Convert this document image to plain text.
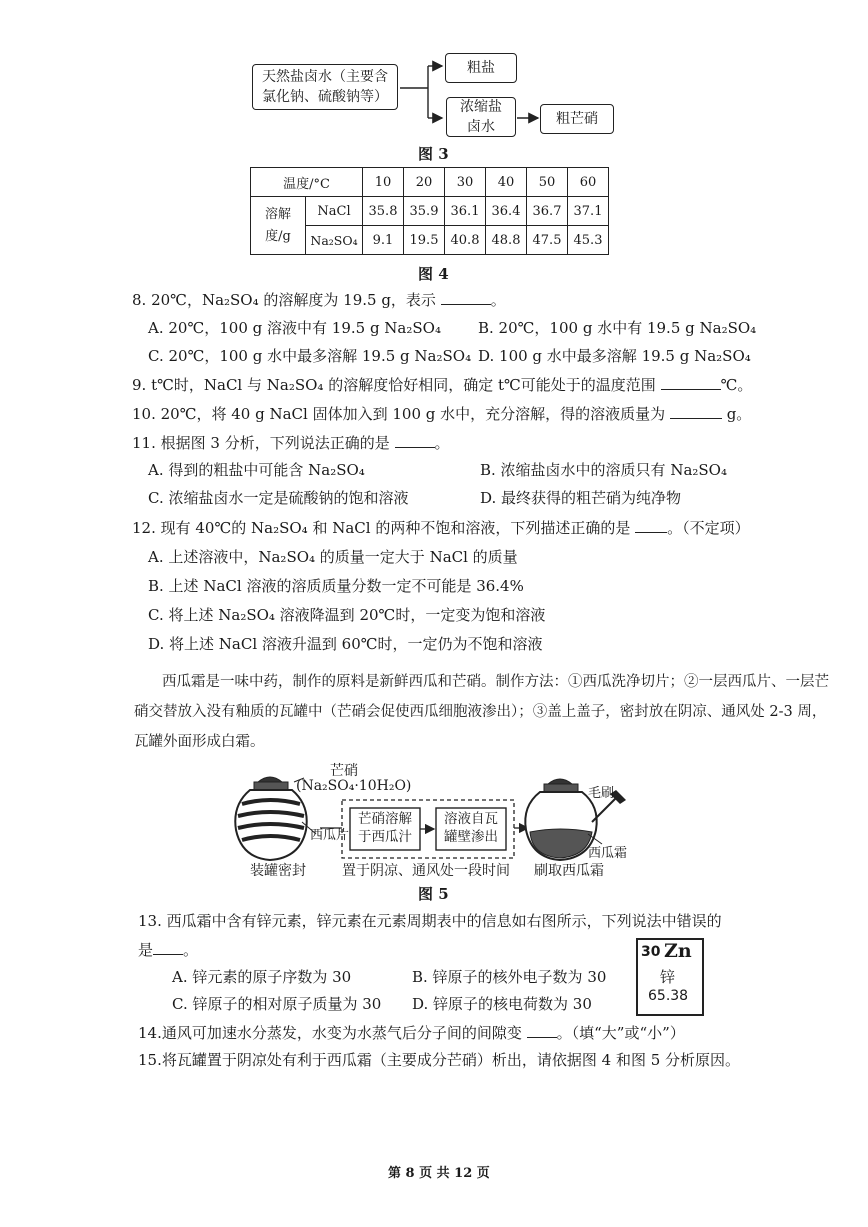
天然盐卤水（主要含氯化钠、硫酸钠等）
粗盐
浓缩盐卤水	粗芒硝
图 3
温度/°C		10	20	30	40	50	60
溶解度/g	NaCl	35.8	35.9	36.1	36.4	36.7	37.1
	Na₂SO₄	9.1	19.5	40.8	48.8	47.5	45.3
图 4
8. 20℃，Na₂SO₄ 的溶解度为 19.5 g，表示	。
A. 20℃，100 g 溶液中有 19.5 g Na₂SO₄ B. 20℃，100 g 水中有 19.5 g Na₂SO₄
C. 20℃，100 g 水中最多溶解 19.5 g Na₂SO₄ D. 100 g 水中最多溶解 19.5 g Na₂SO₄
9. t℃时，NaCl 与 Na₂SO₄ 的溶解度恰好相同，确定 t℃可能处于的温度范围	℃。
10. 20℃，将 40 g NaCl 固体加入到 100 g 水中，充分溶解，得的溶液质量为	g。
11. 根据图 3 分析，下列说法正确的是	。
A. 得到的粗盐中可能含 Na₂SO₄	B. 浓缩盐卤水中的溶质只有 Na₂SO₄
C. 浓缩盐卤水一定是硫酸钠的饱和溶液	D. 最终获得的粗芒硝为纯净物
12. 现有 40℃的 Na₂SO₄ 和 NaCl 的两种不饱和溶液，下列描述正确的是 。（不定项）
A. 上述溶液中，Na₂SO₄ 的质量一定大于 NaCl 的质量
B. 上述 NaCl 溶液的溶质质量分数一定不可能是 36.4%
C. 将上述 Na₂SO₄ 溶液降温到 20℃时，一定变为饱和溶液
D. 将上述 NaCl 溶液升温到 60℃时，一定仍为不饱和溶液
西瓜霜是一味中药，制作的原料是新鲜西瓜和芒硝。制作方法：①西瓜洗净切片；②一层西瓜片、一层芒硝交替放入没有釉质的瓦罐中（芒硝会促使西瓜细胞液渗出）；③盖上盖子，密封放在阴凉、通风处 2-3 周，瓦罐外面形成白霜。
芒硝
(Na₂SO₄·10H₂O)
西瓜片
芒硝溶解于西瓜汁
溶液自瓦罐壁渗出
毛刷
西瓜霜
装罐密封	置于阴凉、通风处一段时间 刷取西瓜霜
图 5
13. 西瓜霜中含有锌元素，锌元素在元素周期表中的信息如右图所示，下列说法中错误的
是 。
A. 锌元素的原子序数为 30	B. 锌原子的核外电子数为 30
C. 锌原子的相对原子质量为 30 D. 锌原子的核电荷数为 30
30 Zn
锌
65.38
14.通风可加速水分蒸发，水变为水蒸气后分子间的间隙变 。（填“大”或“小”）
15.将瓦罐置于阴凉处有利于西瓜霜（主要成分芒硝）析出，请依据图 4 和图 5 分析原因。
第 8 页 共 12 页
